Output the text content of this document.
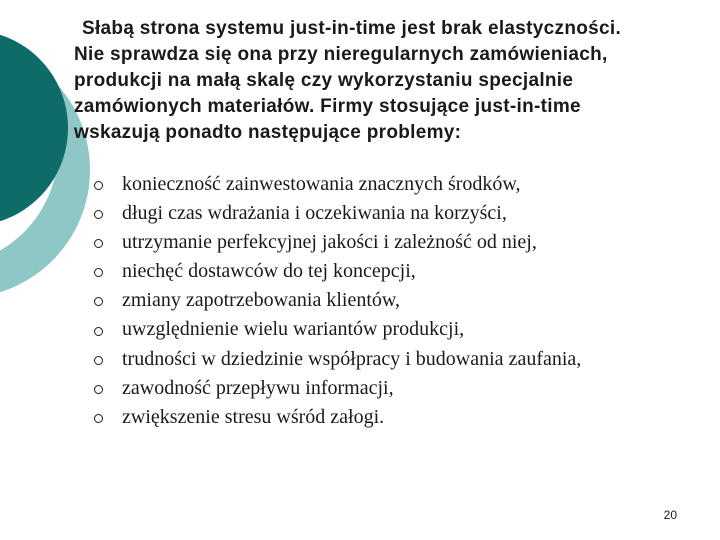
Słabą strona systemu just-in-time jest brak elastyczności.
Nie sprawdza się ona przy nieregularnych zamówieniach,
produkcji na małą skalę czy wykorzystaniu specjalnie
zamówionych materiałów. Firmy stosujące just-in-time
wskazują ponadto następujące problemy:
konieczność zainwestowania znacznych środków,
długi czas wdrażania i oczekiwania na korzyści,
utrzymanie perfekcyjnej jakości i zależność od niej,
niechęć dostawców do tej koncepcji,
zmiany zapotrzebowania klientów,
uwzględnienie wielu wariantów produkcji,
trudności w dziedzinie współpracy i budowania zaufania,
zawodność przepływu informacji,
zwiększenie stresu wśród załogi.
20
